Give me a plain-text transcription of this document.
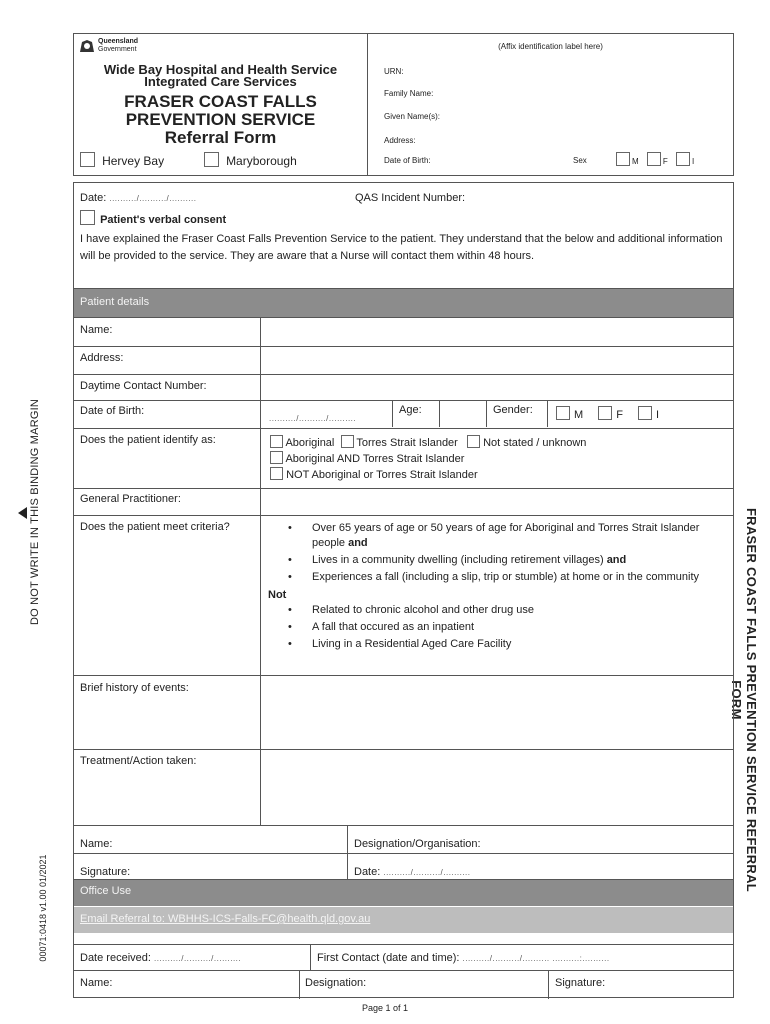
DO NOT WRITE IN THIS BINDING MARGIN
00071:0418 v1.00 01/2021
FRASER COAST FALLS PREVENTION SERVICE REFERRAL FORM
Queensland
Government
Wide Bay Hospital and Health Service
Integrated Care Services
FRASER COAST FALLS
PREVENTION SERVICE
Referral Form
Hervey Bay	Maryborough
(Affix identification label here)
URN:
Family Name:
Given Name(s):
Address:
Date of Birth:	Sex	M	F	I
Date: ........../........../..........	QAS Incident Number:
Patient's verbal consent
I have explained the Fraser Coast Falls Prevention Service to the patient. They understand that the below and additional information will be provided to the service. They are aware that a Nurse will contact them within 48 hours.
Patient details
Name:
Address:
Daytime Contact Number:
Date of Birth:
........../........../..........
Age:	Gender:	M	F	I
Does the patient identify as:	Aboriginal Torres Strait Islander Not stated / unknown
Aboriginal AND Torres Strait Islander
NOT Aboriginal or Torres Strait Islander
General Practitioner:
Does the patient meet criteria?
•	Over 65 years of age or 50 years of age for Aboriginal and Torres Strait Islander people and
• Lives in a community dwelling (including retirement villages) and
• Experiences a fall (including a slip, trip or stumble) at home or in the community
Not
• Related to chronic alcohol and other drug use
• A fall that occured as an inpatient
• Living in a Residential Aged Care Facility
Brief history of events:
Treatment/Action taken:
Name:	Designation/Organisation:
Signature:	Date: ........../........../..........
Office Use
Email Referral to: WBHHS-ICS-Falls-FC@health.qld.gov.au
Date received: ........../........../..........	First Contact (date and time): ........../........../.......... ..........:..........
Name:	Designation:	Signature:
Page 1 of 1
